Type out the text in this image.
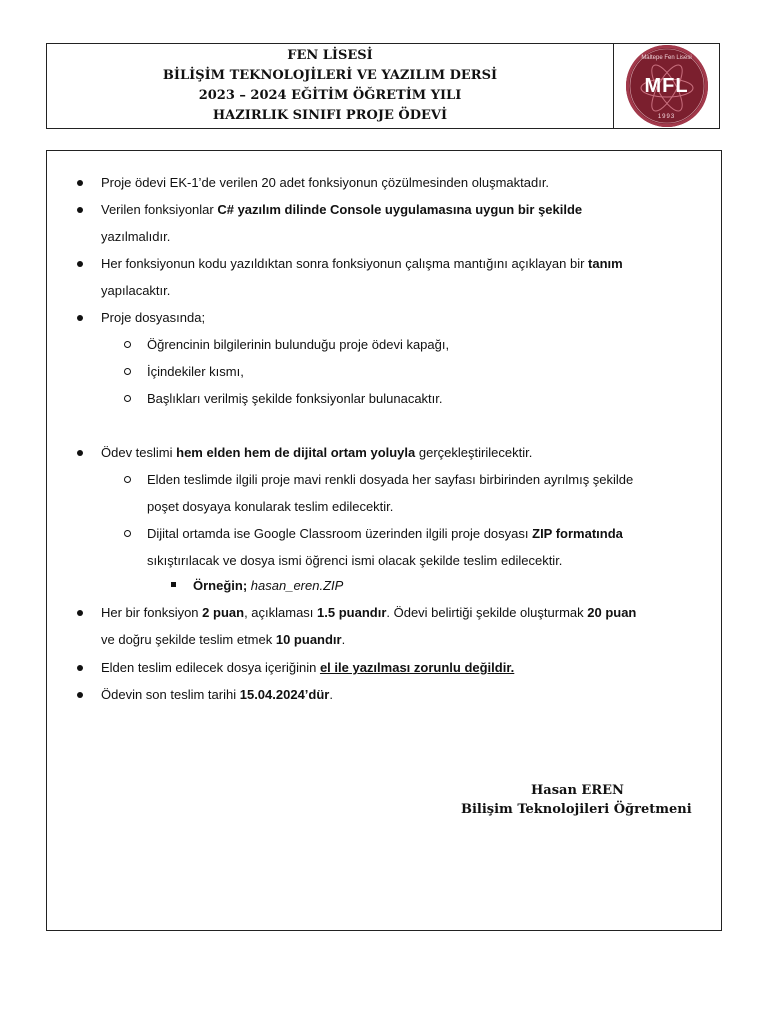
FEN LİSESİ
BİLİŞİM TEKNOLOJİLERİ VE YAZILIM DERSİ
2023 – 2024 EĞİTİM ÖĞRETİM YILI
HAZIRLIK SINIFI PROJE ÖDEVİ
Maltepe Fen Lisesi
MFL
1993
Proje ödevi EK-1’de verilen 20 adet fonksiyonun çözülmesinden oluşmaktadır.
Verilen fonksiyonlar C# yazılım dilinde Console uygulamasına uygun bir şekilde
yazılmalıdır.
Her fonksiyonun kodu yazıldıktan sonra fonksiyonun çalışma mantığını açıklayan bir tanım
yapılacaktır.
Proje dosyasında;
Öğrencinin bilgilerinin bulunduğu proje ödevi kapağı,
İçindekiler kısmı,
Başlıkları verilmiş şekilde fonksiyonlar bulunacaktır.
Ödev teslimi hem elden hem de dijital ortam yoluyla gerçekleştirilecektir.
Elden teslimde ilgili proje mavi renkli dosyada her sayfası birbirinden ayrılmış şekilde
poşet dosyaya konularak teslim edilecektir.
Dijital ortamda ise Google Classroom üzerinden ilgili proje dosyası ZIP formatında
sıkıştırılacak ve dosya ismi öğrenci ismi olacak şekilde teslim edilecektir.
Örneğin; hasan_eren.ZIP
Her bir fonksiyon 2 puan, açıklaması 1.5 puandır. Ödevi belirtiği şekilde oluşturmak 20 puan
ve doğru şekilde teslim etmek 10 puandır.
Elden teslim edilecek dosya içeriğinin el ile yazılması zorunlu değildir.
Ödevin son teslim tarihi 15.04.2024’dür.
Hasan EREN
Bilişim Teknolojileri Öğretmeni
